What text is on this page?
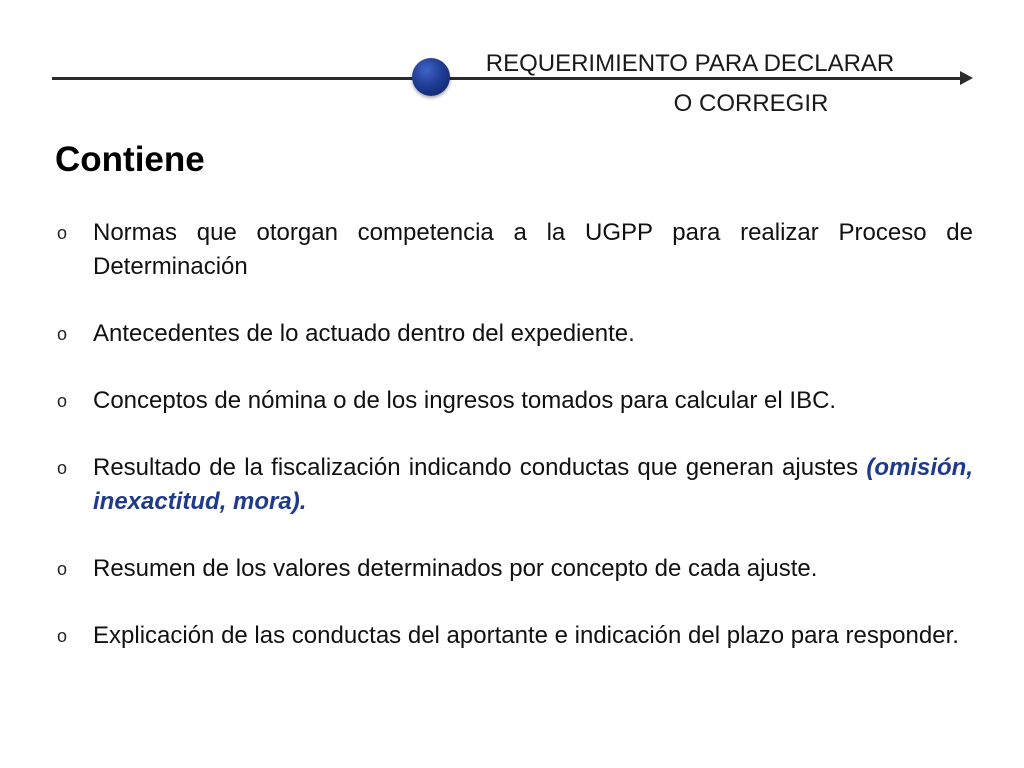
REQUERIMIENTO PARA DECLARAR
O CORREGIR
Contiene
o Normas que otorgan competencia a la UGPP para realizar Proceso de Determinación
o Antecedentes de lo actuado dentro del expediente.
o Conceptos de nómina o de los ingresos tomados para calcular el IBC.
o Resultado de la fiscalización indicando conductas que generan ajustes (omisión, inexactitud, mora).
o Resumen de los valores determinados por concepto de cada ajuste.
o Explicación de las conductas del aportante e indicación del plazo para responder.
